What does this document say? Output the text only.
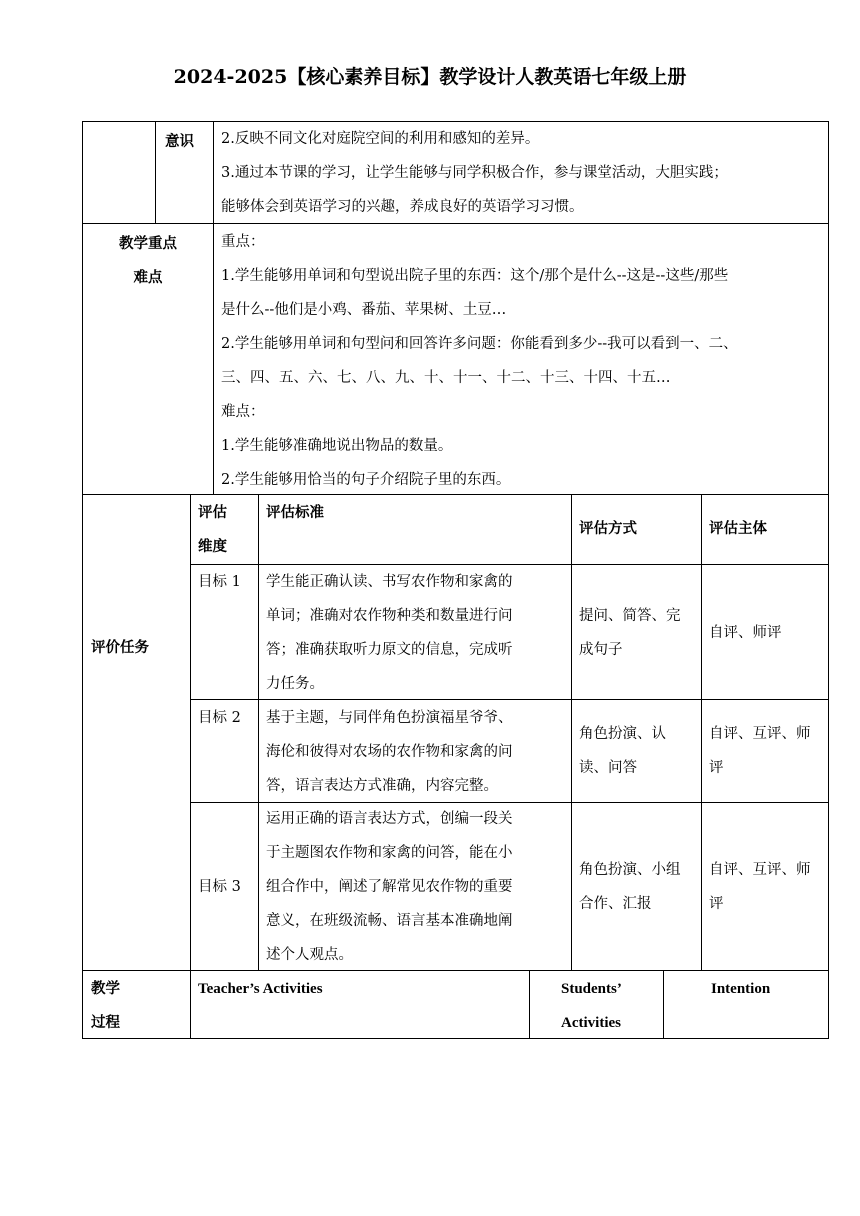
2024-2025【核心素养目标】教学设计人教英语七年级上册
意识 2.反映不同文化对庭院空间的利用和感知的差异。

3.通过本节课的学习，让学生能够与同学积极合作，参与课堂活动，大胆实践；

能够体会到英语学习的兴趣，养成良好的英语学习习惯。

教学重点

难点

重点：

1.学生能够用单词和句型说出院子里的东西：这个/那个是什么--这是--这些/那些

是什么--他们是小鸡、番茄、苹果树、土豆…

2.学生能够用单词和句型问和回答许多问题：你能看到多少--我可以看到一、二、

三、四、五、六、七、八、九、十、十一、十二、十三、十四、十五…

难点：

1.学生能够准确地说出物品的数量。

2.学生能够用恰当的句子介绍院子里的东西。

评价任务

评估

维度

评估标准
评估方式	评估主体
目标 1 学生能正确认读、书写农作物和家禽的

单词；准确对农作物种类和数量进行问

答；准确获取听力原文的信息，完成听

力任务。

提问、简答、完

成句子

自评、师评

目标 2 基于主题，与同伴角色扮演福星爷爷、

海伦和彼得对农场的农作物和家禽的问

答，语言表达方式准确，内容完整。

角色扮演、认

读、问答

自评、互评、师

评

目标 3

运用正确的语言表达方式，创编一段关

于主题图农作物和家禽的问答，能在小

组合作中，阐述了解常见农作物的重要

意义，在班级流畅、语言基本准确地阐

述个人观点。

角色扮演、小组

合作、汇报

自评、互评、师

评

教学

过程

Teacher’s Activities	Students’

Activities

Intention
